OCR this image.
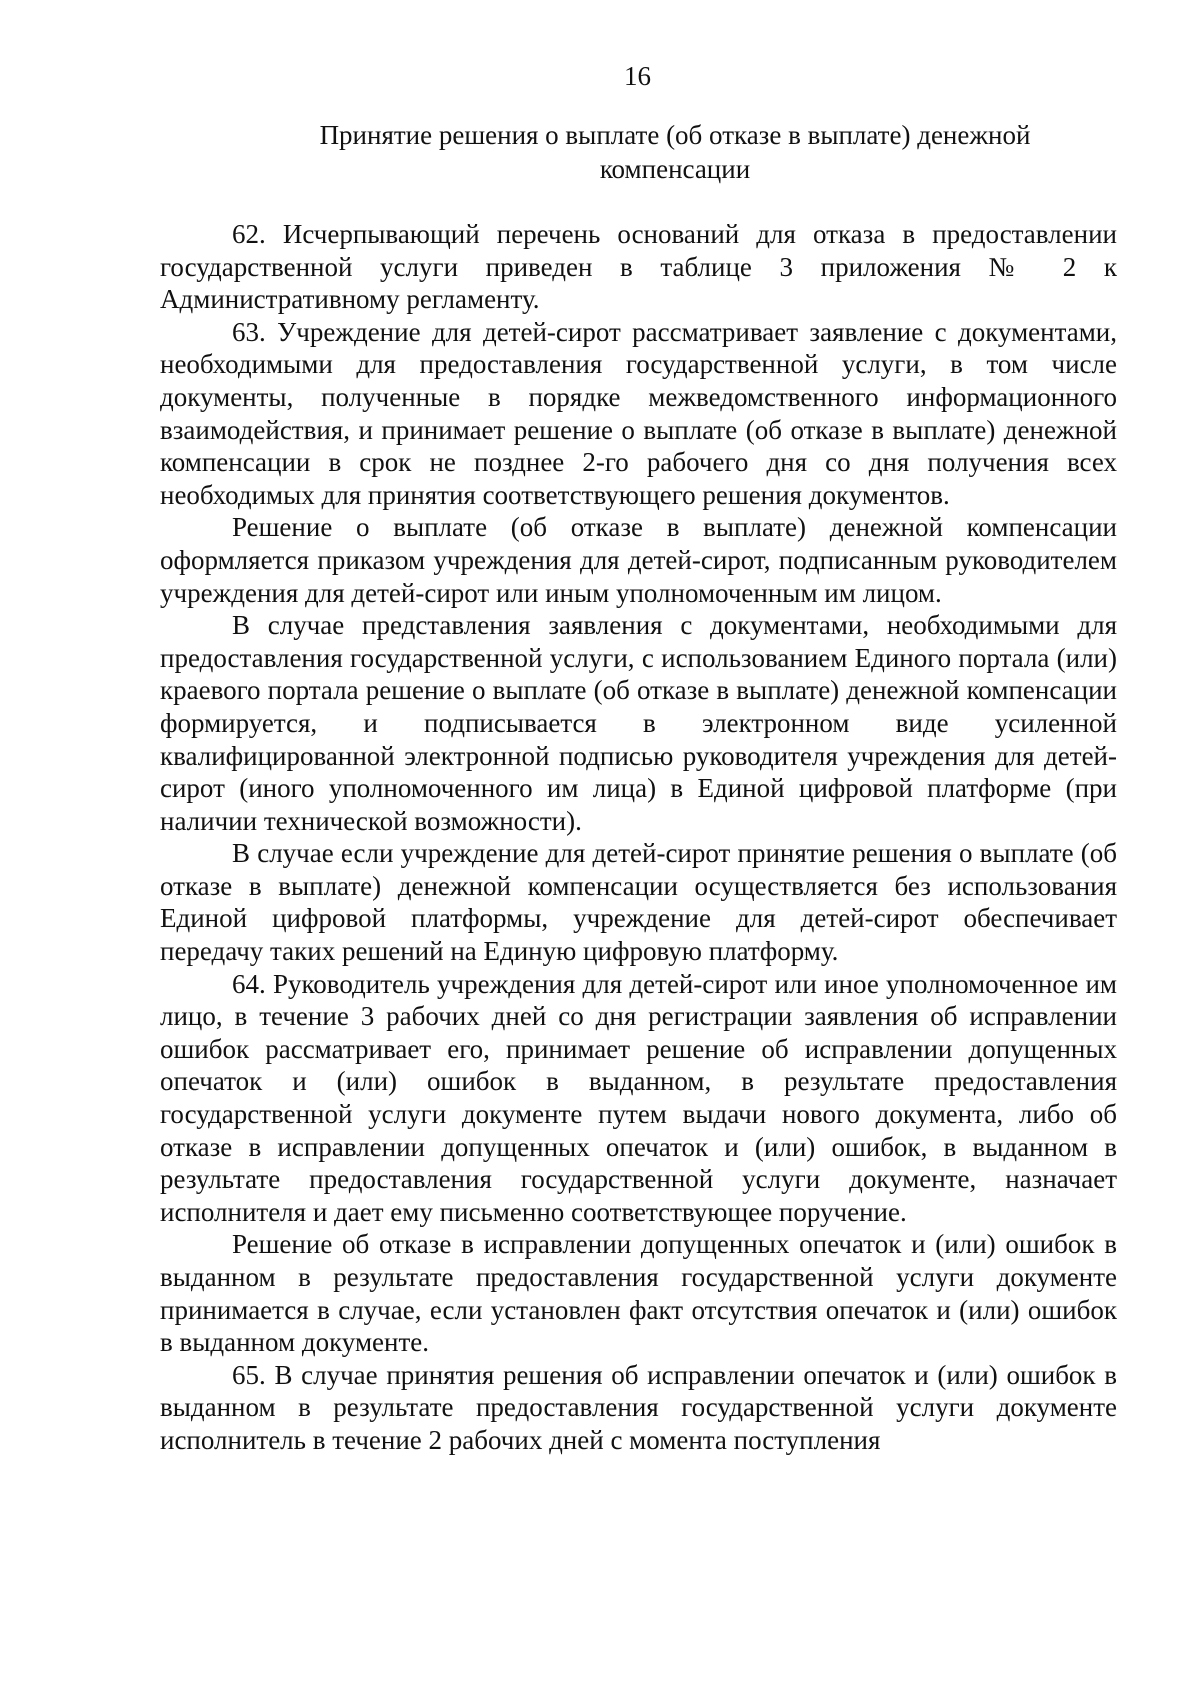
16
Принятие решения о выплате (об отказе в выплате) денежной компенсации

62. Исчерпывающий перечень оснований для отказа в предоставлении государственной услуги приведен в таблице 3 приложения № 2 к Административному регламенту.

63. Учреждение для детей-сирот рассматривает заявление с документами, необходимыми для предоставления государственной услуги, в том числе документы, полученные в порядке межведомственного информационного взаимодействия, и принимает решение о выплате (об отказе в выплате) денежной компенсации в срок не позднее 2-го рабочего дня со дня получения всех необходимых для принятия соответствующего решения документов.

Решение о выплате (об отказе в выплате) денежной компенсации оформляется приказом учреждения для детей-сирот, подписанным руководителем учреждения для детей-сирот или иным уполномоченным им лицом.

В случае представления заявления с документами, необходимыми для предоставления государственной услуги, с использованием Единого портала (или) краевого портала решение о выплате (об отказе в выплате) денежной компенсации формируется, и подписывается в электронном виде усиленной квалифицированной электронной подписью руководителя учреждения для детей-сирот (иного уполномоченного им лица) в Единой цифровой платформе (при наличии технической возможности).

В случае если учреждение для детей-сирот принятие решения о выплате (об отказе в выплате) денежной компенсации осуществляется без использования Единой цифровой платформы, учреждение для детей-сирот обеспечивает передачу таких решений на Единую цифровую платформу.

64. Руководитель учреждения для детей-сирот или иное уполномоченное им лицо, в течение 3 рабочих дней со дня регистрации заявления об исправлении ошибок рассматривает его, принимает решение об исправлении допущенных опечаток и (или) ошибок в выданном, в результате предоставления государственной услуги документе путем выдачи нового документа, либо об отказе в исправлении допущенных опечаток и (или) ошибок, в выданном в результате предоставления государственной услуги документе, назначает исполнителя и дает ему письменно соответствующее поручение.

Решение об отказе в исправлении допущенных опечаток и (или) ошибок в выданном в результате предоставления государственной услуги документе принимается в случае, если установлен факт отсутствия опечаток и (или) ошибок в выданном документе.

65. В случае принятия решения об исправлении опечаток и (или) ошибок в выданном в результате предоставления государственной услуги документе исполнитель в течение 2 рабочих дней с момента поступления
